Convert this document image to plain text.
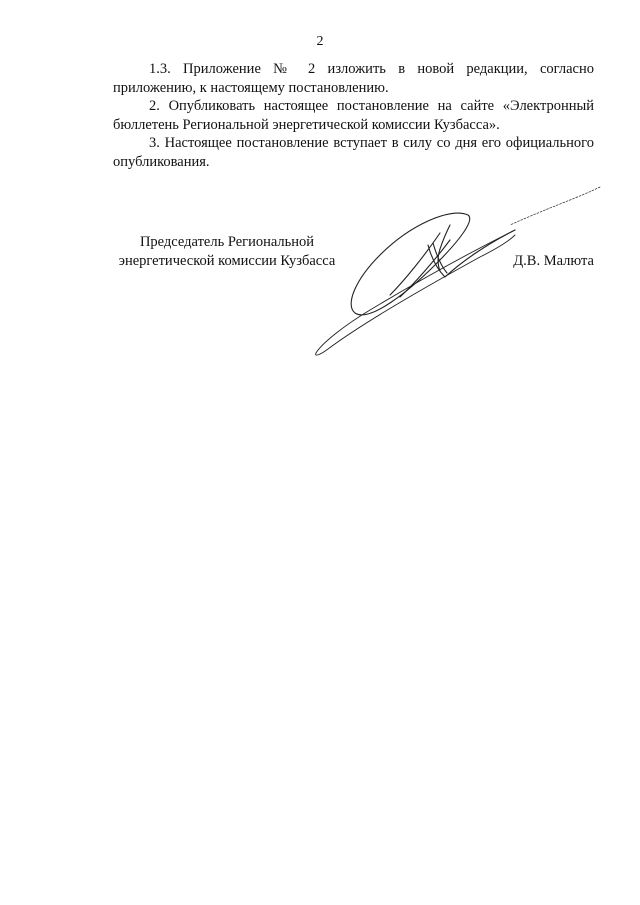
2

1.3. Приложение № 2 изложить в новой редакции, согласно приложению, к настоящему постановлению.

2. Опубликовать настоящее постановление на сайте «Электронный бюллетень Региональной энергетической комиссии Кузбасса».

3. Настоящее постановление вступает в силу со дня его официального опубликования.

Председатель Региональной
энергетической комиссии Кузбасса	Д.В. Малюта
